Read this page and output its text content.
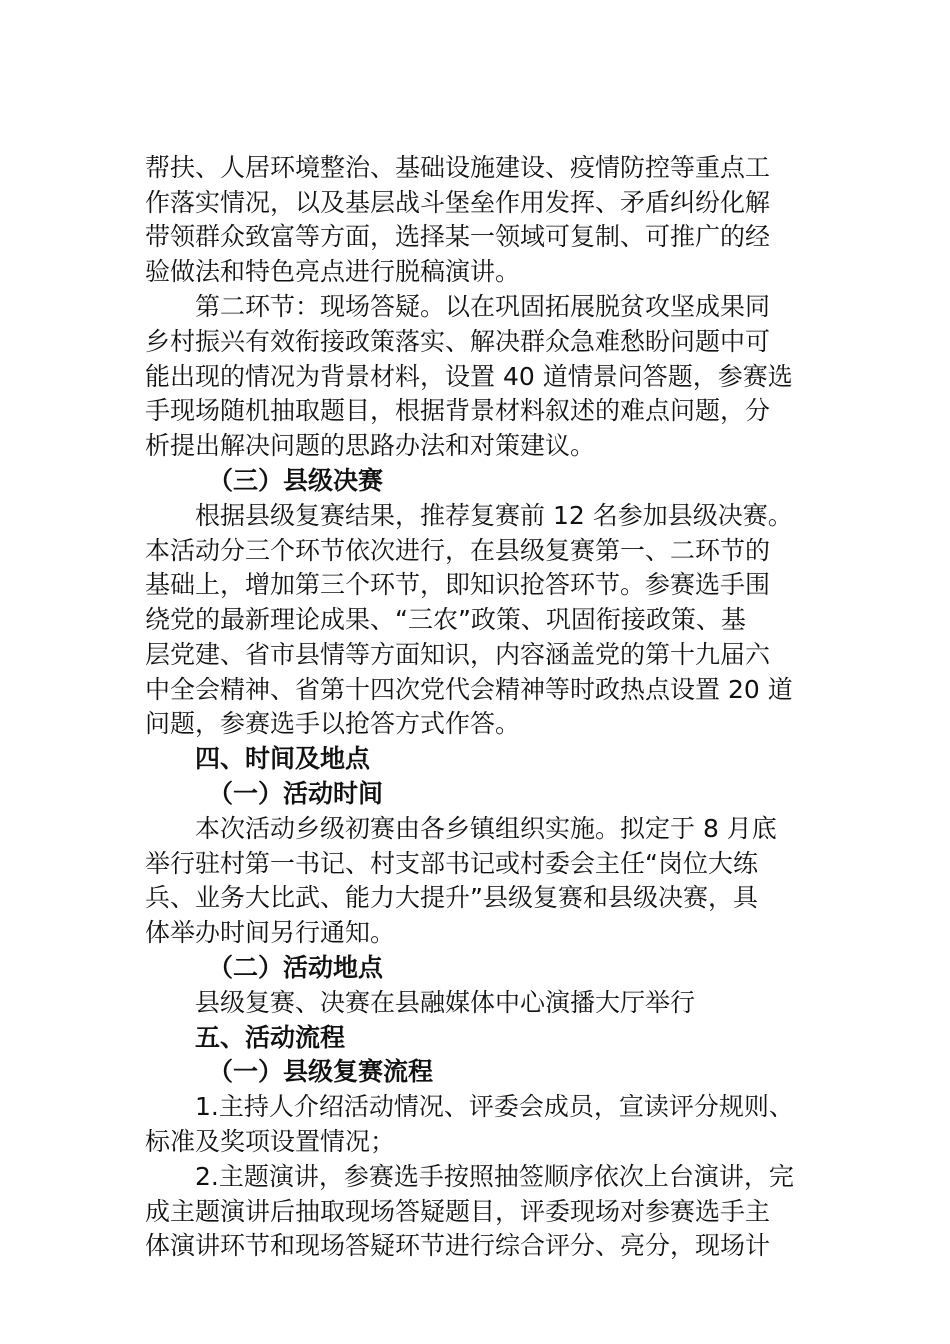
帮扶、人居环境整治、基础设施建设、疫情防控等重点工
作落实情况，以及基层战斗堡垒作用发挥、矛盾纠纷化解
带领群众致富等方面，选择某一领域可复制、可推广的经
验做法和特色亮点进行脱稿演讲。
第二环节：现场答疑。以在巩固拓展脱贫攻坚成果同
乡村振兴有效衔接政策落实、解决群众急难愁盼问题中可
能出现的情况为背景材料，设置 40 道情景问答题，参赛选
手现场随机抽取题目，根据背景材料叙述的难点问题，分
析提出解决问题的思路办法和对策建议。
（三）县级决赛
根据县级复赛结果，推荐复赛前 12 名参加县级决赛。
本活动分三个环节依次进行，在县级复赛第一、二环节的
基础上，增加第三个环节，即知识抢答环节。参赛选手围
绕党的最新理论成果、“三农”政策、巩固衔接政策、基
层党建、省市县情等方面知识，内容涵盖党的第十九届六
中全会精神、省第十四次党代会精神等时政热点设置 20 道
问题，参赛选手以抢答方式作答。
四、时间及地点
（一）活动时间
本次活动乡级初赛由各乡镇组织实施。拟定于 8 月底
举行驻村第一书记、村支部书记或村委会主任“岗位大练
兵、业务大比武、能力大提升”县级复赛和县级决赛，具
体举办时间另行通知。
（二）活动地点
县级复赛、决赛在县融媒体中心演播大厅举行
五、活动流程
（一）县级复赛流程
1.主持人介绍活动情况、评委会成员，宣读评分规则、
标准及奖项设置情况；
2.主题演讲，参赛选手按照抽签顺序依次上台演讲，完
成主题演讲后抽取现场答疑题目，评委现场对参赛选手主
体演讲环节和现场答疑环节进行综合评分、亮分，现场计
